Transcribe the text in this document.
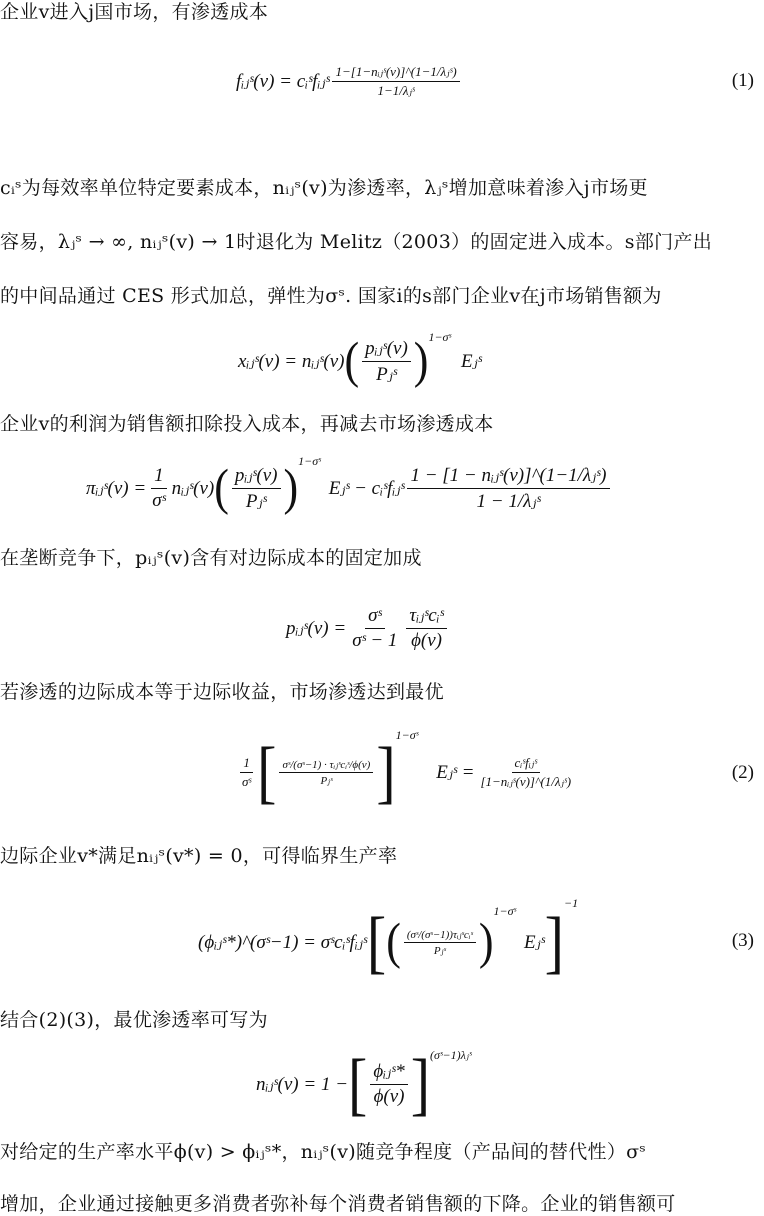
企业v进入j国市场，有渗透成本
fᵢⱼˢ(v) = cᵢˢfᵢⱼˢ $\frac{\text{1−[1−nᵢⱼˢ(v)]\textasciicircum{}(1−1/λⱼˢ)}}{\text{1−1/λⱼˢ}}$	(1)
cᵢˢ为每效率单位特定要素成本，nᵢⱼˢ(v)为渗透率，λⱼˢ增加意味着渗入j市场更
容易，λⱼˢ → ∞, nᵢⱼˢ(v) → 1时退化为 Melitz（2003）的固定进入成本。s部门产出
的中间品通过 CES 形式加总，弹性为σˢ. 国家i的s部门企业v在j市场销售额为
xᵢⱼˢ(v) = nᵢⱼˢ(v) ( $\frac{\text{pᵢⱼˢ(v)}}{\text{Pⱼˢ}} )^{1-\sigma ˢ}$
Eⱼˢ
企业v的利润为销售额扣除投入成本，再减去市场渗透成本
πᵢⱼˢ(v) = $\frac{1}{\text{σˢ}}$ nᵢⱼˢ(v) ( $\frac{\text{pᵢⱼˢ(v)}}{\text{Pⱼˢ}} )^{1-\sigma ˢ}$
Eⱼˢ − cᵢˢfᵢⱼˢ $\frac{\text{1 − [1 − nᵢⱼˢ(v)]\textasciicircum{}(1−1/λⱼˢ)}}{\text{1 − 1/λⱼˢ}}$
在垄断竞争下，pᵢⱼˢ(v)含有对边际成本的固定加成
pᵢⱼˢ(v) = $\frac{\text{σˢ}}{\text{σˢ − 1}} \frac{\text{τᵢⱼˢcᵢˢ}}{\phi(v)}$
若渗透的边际成本等于边际收益，市场渗透达到最优
$\frac{1}{\text{σˢ}}$ [ $\frac{\text{σˢ/(σˢ−1) · τᵢⱼˢcᵢˢ/ϕ(v)}}{\text{Pⱼˢ}} ]^{1-\sigma ˢ}$
Eⱼˢ = $\frac{\text{cᵢˢfᵢⱼˢ}}{\text{[1−nᵢⱼˢ(v)]\textasciicircum{}(1/λⱼˢ)}}$	(2)
边际企业v*满足nᵢⱼˢ(v*) = 0，可得临界生产率
(ϕᵢⱼˢ*)^(σˢ−1) = σˢcᵢˢfᵢⱼˢ [ ( $\frac{\text{(σˢ/(σˢ−1))τᵢⱼˢcᵢˢ}}{\text{Pⱼˢ}}$ )
$^{1-\sigma ˢ}$
Eⱼˢ ]$^{-1}$
(3)
结合(2)(3)，最优渗透率可写为
nᵢⱼˢ(v) = 1 − [ $\frac{\text{ϕᵢⱼˢ*}}{\phi(v)} ]^{(\sigma ˢ-1)\lambda ⱼˢ}$
对给定的生产率水平ϕ(v) > ϕᵢⱼˢ*，nᵢⱼˢ(v)随竞争程度（产品间的替代性）σˢ
增加，企业通过接触更多消费者弥补每个消费者销售额的下降。企业的销售额可
